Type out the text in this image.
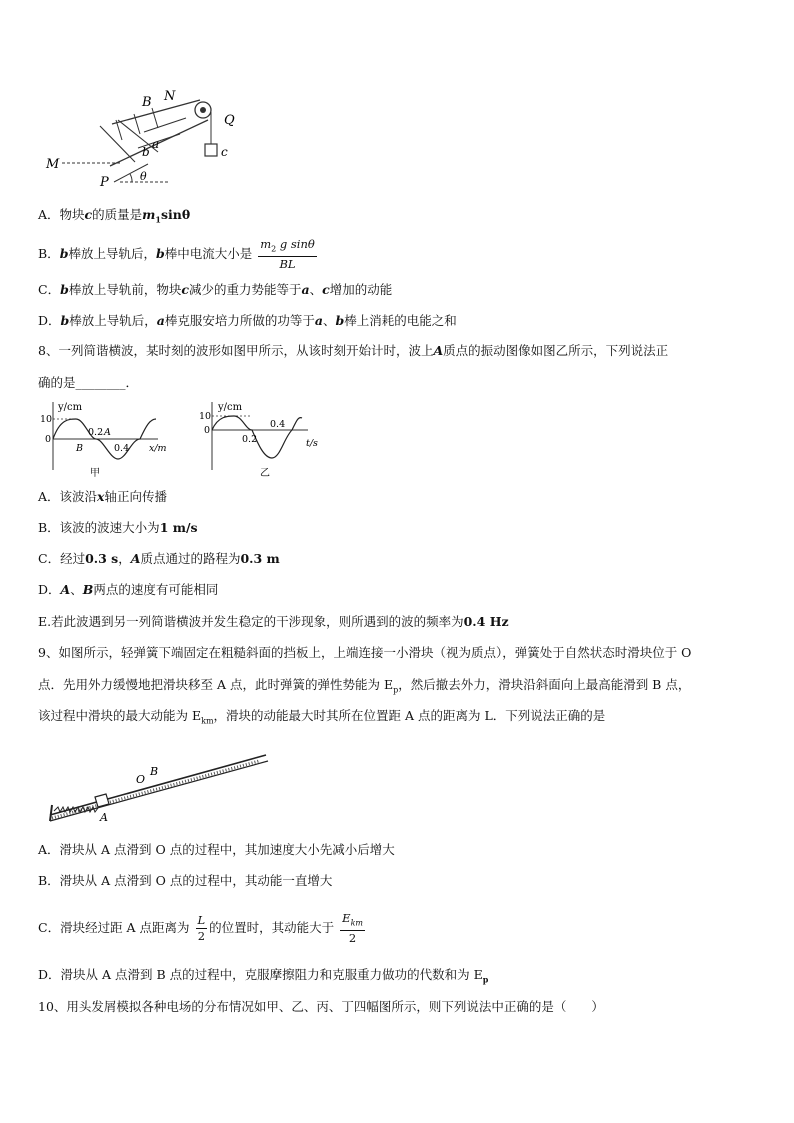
B N
Q
a
b	c
M
P	θ
A．物块c的质量是$m_1\sin\theta$
B．b棒放上导轨后，b棒中电流大小是 $\frac{m_2 g \sin\theta}{BL}$
C．b棒放上导轨前，物块c减少的重力势能等于a、c增加的动能
D．b棒放上导轨后，a棒克服安培力所做的功等于a、b棒上消耗的电能之和
8、一列简谐横波，某时刻的波形如图甲所示，从该时刻开始计时，波上A质点的振动图像如图乙所示，下列说法正
确的是________．
y/cm
10
0
0.2 A
B	0.4 x/m
甲
y/cm
10
0
0.4
0.2	t/s
乙
A．该波沿x轴正向传播
B．该波的波速大小为1 m/s
C．经过0.3 s，A质点通过的路程为0.3 m
D．A、B两点的速度有可能相同
E.若此波遇到另一列简谐横波并发生稳定的干涉现象，则所遇到的波的频率为0.4 Hz
9、如图所示，轻弹簧下端固定在粗糙斜面的挡板上，上端连接一小滑块（视为质点），弹簧处于自然状态时滑块位于 O
点．先用外力缓慢地把滑块移至 A 点，此时弹簧的弹性势能为 $E_p$，然后撤去外力，滑块沿斜面向上最高能滑到 B 点，
该过程中滑块的最大动能为 $E_{km}$，滑块的动能最大时其所在位置距 A 点的距离为 L．下列说法正确的是
A
O
B
A．滑块从 A 点滑到 O 点的过程中，其加速度大小先减小后增大
B．滑块从 A 点滑到 O 点的过程中，其动能一直增大
C．滑块经过距 A 点距离为 $\frac{L}{2}$ 的位置时，其动能大于 $\frac{E_{km}}{2}$
D．滑块从 A 点滑到 B 点的过程中，克服摩擦阻力和克服重力做功的代数和为 $E_p$
10、用头发屑模拟各种电场的分布情况如甲、乙、丙、丁四幅图所示，则下列说法中正确的是（　　）
